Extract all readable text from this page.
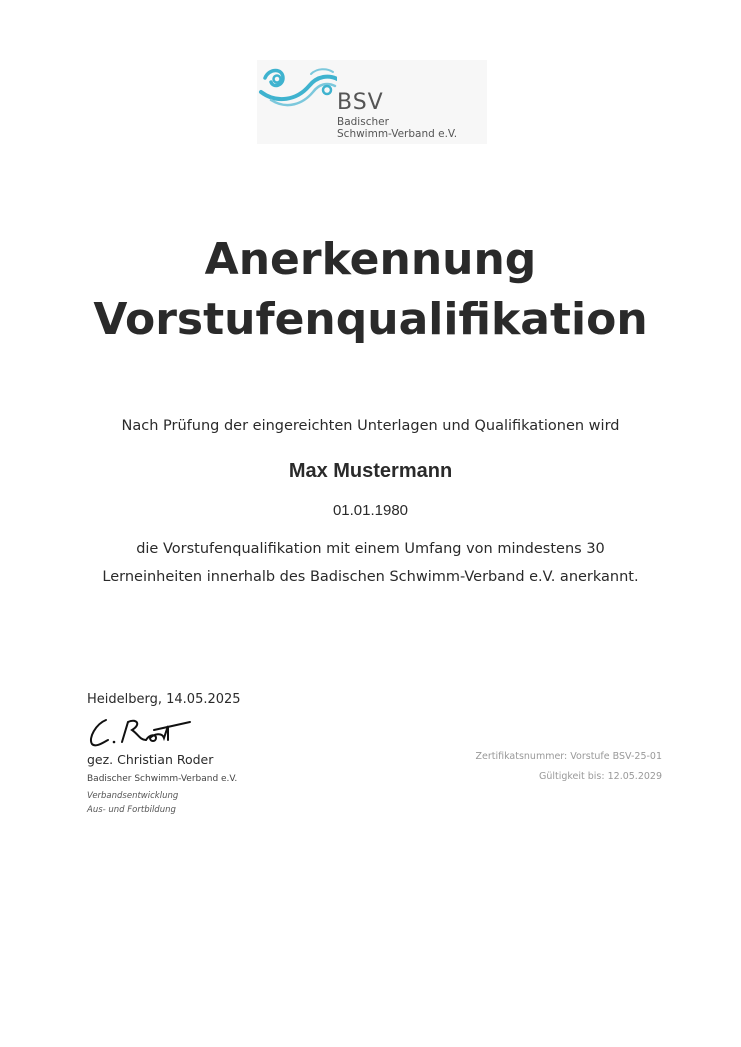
BSV
Badischer
Schwimm-Verband e.V.
Anerkennung
Vorstufenqualifikation
Nach Prüfung der eingereichten Unterlagen und Qualifikationen wird
Max Mustermann
01.01.1980
die Vorstufenqualifikation mit einem Umfang von mindestens 30
Lerneinheiten innerhalb des Badischen Schwimm-Verband e.V. anerkannt.
Heidelberg, 14.05.2025
gez. Christian Roder
Badischer Schwimm-Verband e.V.
Verbandsentwicklung
Aus- und Fortbildung
Zertifikatsnummer: Vorstufe BSV-25-01
Gültigkeit bis: 12.05.2029
